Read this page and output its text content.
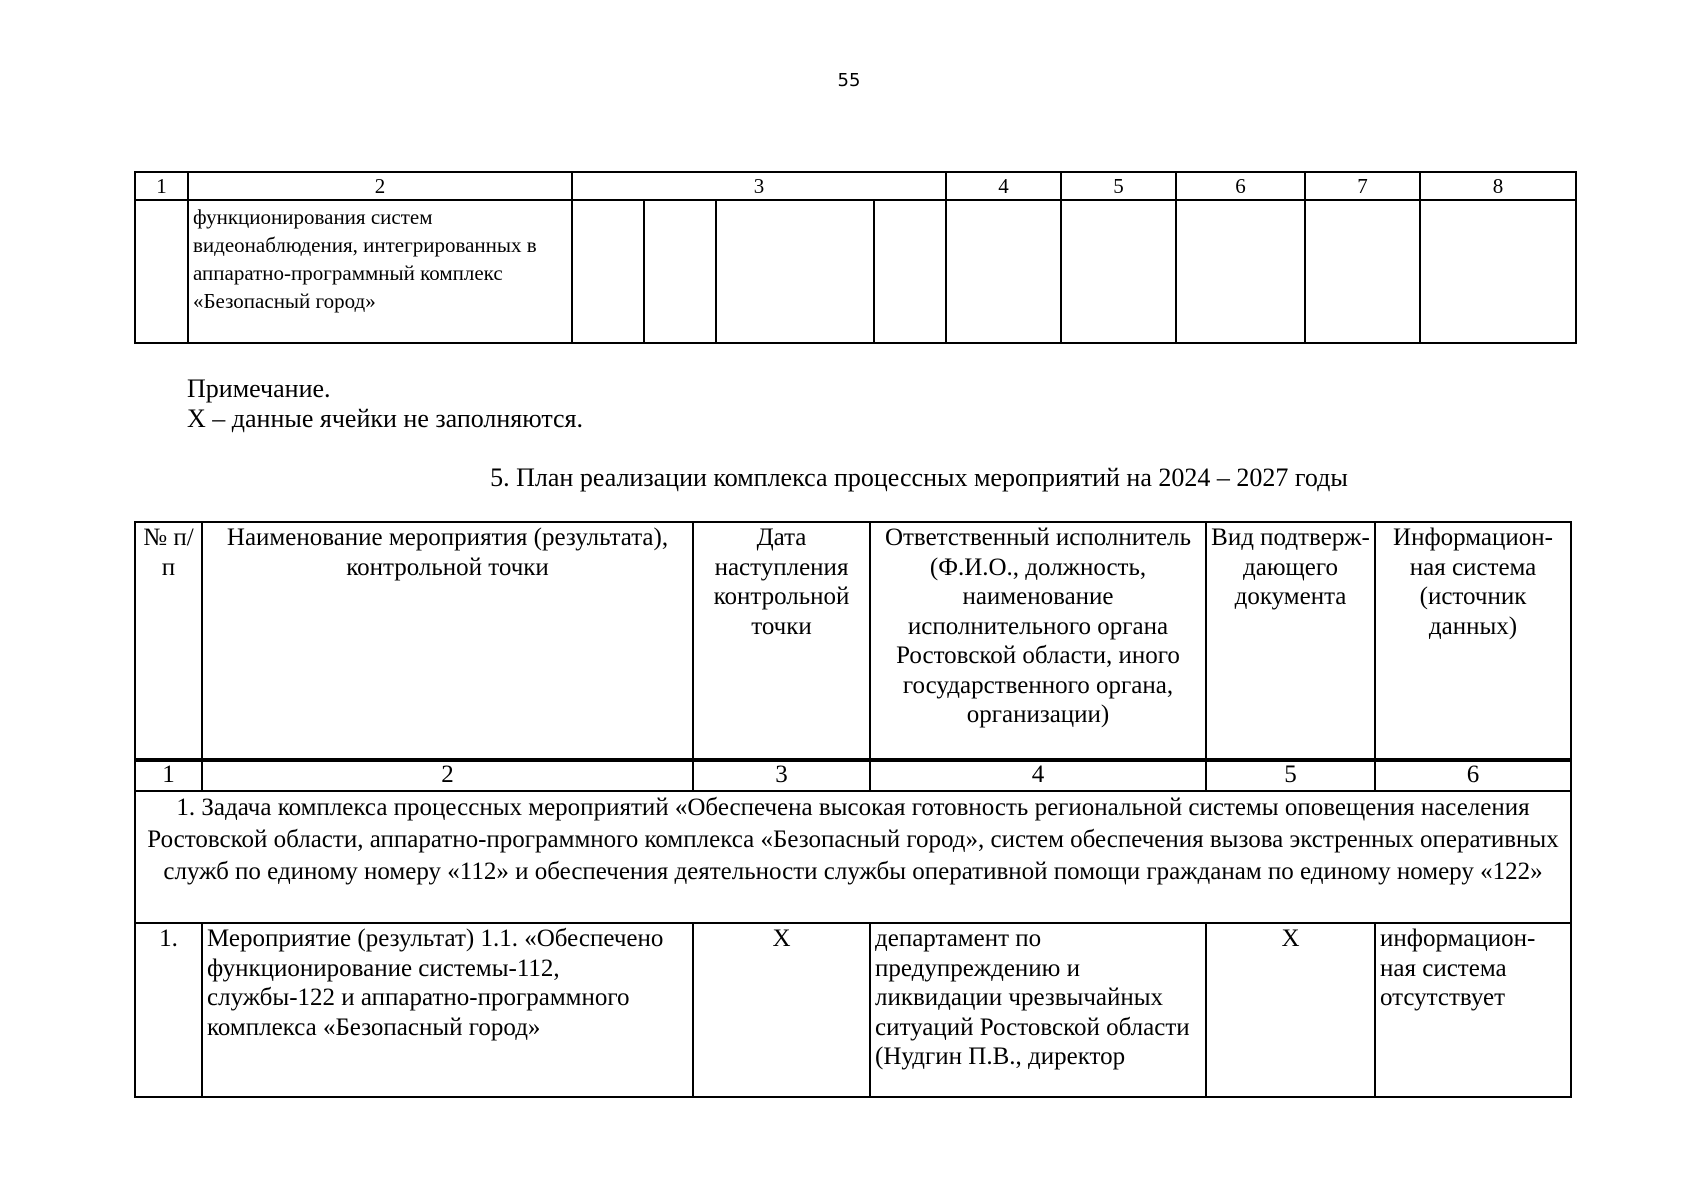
55
1	2	3				4	5	6	7	8
	функционирования систем видеонаблюдения, интегрированных в аппаратно-программный комплекс «Безопасный город»									
Примечание.
Х – данные ячейки не заполняются.
5. План реализации комплекса процессных мероприятий на 2024 – 2027 годы
№ п/п	Наименование мероприятия (результата), контрольной точки	Дата наступления контрольной точки	Ответственный исполнитель (Ф.И.О., должность, наименование исполнительного органа Ростовской области, иного государственного органа, организации)	Вид подтверж-дающего документа	Информацион-ная система (источник данных)
1	2	3	4	5	6
1. Задача комплекса процессных мероприятий «Обеспечена высокая готовность региональной системы оповещения населения Ростовской области, аппаратно-программного комплекса «Безопасный город», систем обеспечения вызова экстренных оперативных служб по единому номеру «112» и обеспечения деятельности службы оперативной помощи гражданам по единому номеру «122»					
1.	Мероприятие (результат) 1.1. «Обеспечено функционирование системы-112, службы-122 и аппаратно-программного комплекса «Безопасный город»	Х	департамент по предупреждению и ликвидации чрезвычайных ситуаций Ростовской области (Нудгин П.В., директор	Х	информацион-ная система отсутствует
